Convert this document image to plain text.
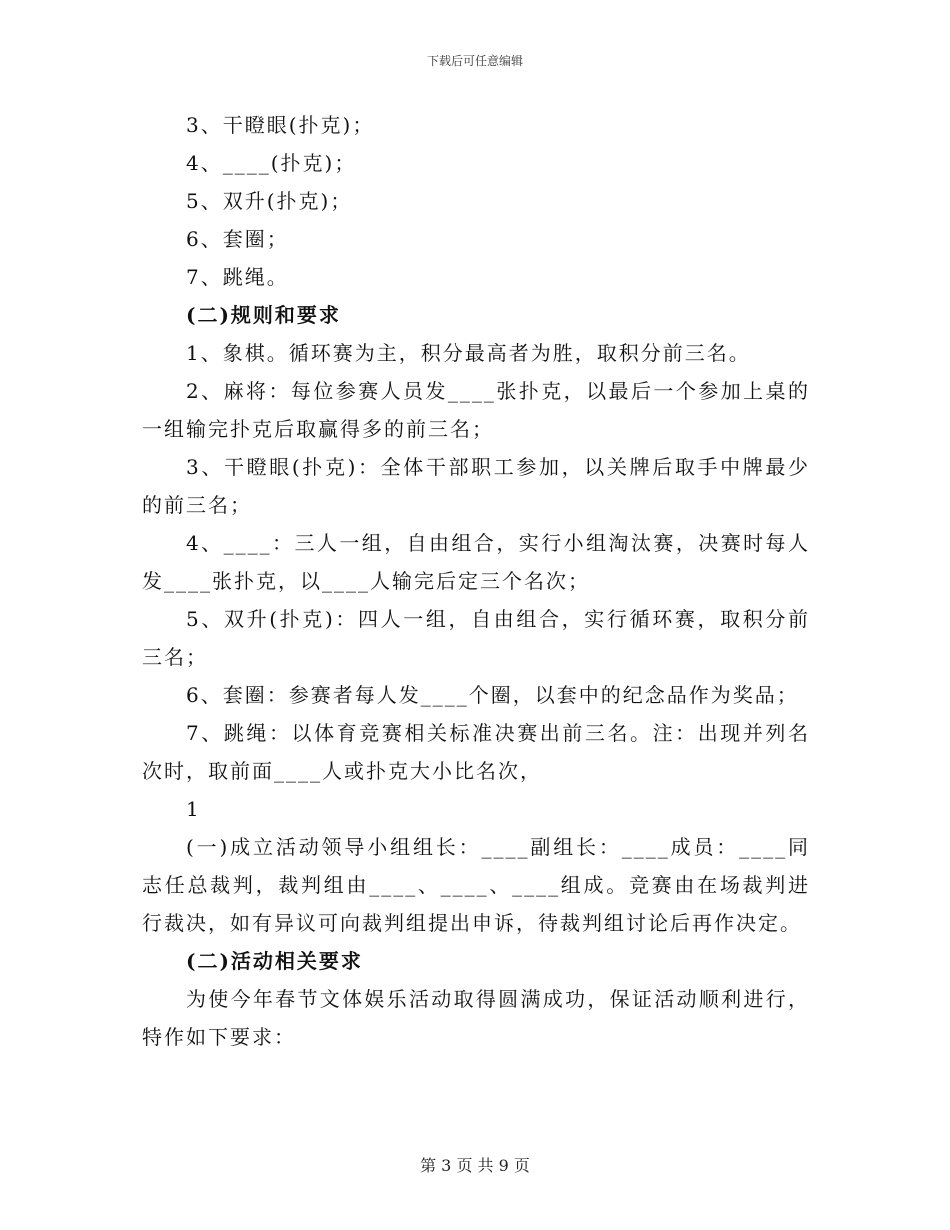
下载后可任意编辑

3、干瞪眼(扑克)；

4、____(扑克)；

5、双升(扑克)；

6、套圈；

7、跳绳。

(二)规则和要求

1、象棋。循环赛为主，积分最高者为胜，取积分前三名。

2、麻将：每位参赛人员发____张扑克，以最后一个参加上桌的一组输完扑克后取赢得多的前三名；

3、干瞪眼(扑克)：全体干部职工参加，以关牌后取手中牌最少的前三名；

4、____：三人一组，自由组合，实行小组淘汰赛，决赛时每人发____张扑克，以____人输完后定三个名次；

5、双升(扑克)：四人一组，自由组合，实行循环赛，取积分前三名；

6、套圈：参赛者每人发____个圈，以套中的纪念品作为奖品；

7、跳绳：以体育竞赛相关标准决赛出前三名。注：出现并列名次时，取前面____人或扑克大小比名次，

1

(一)成立活动领导小组组长：____副组长：____成员：____同志任总裁判，裁判组由____、____、____组成。竞赛由在场裁判进行裁决，如有异议可向裁判组提出申诉，待裁判组讨论后再作决定。

(二)活动相关要求

为使今年春节文体娱乐活动取得圆满成功，保证活动顺利进行，特作如下要求：

第 3 页 共 9 页
